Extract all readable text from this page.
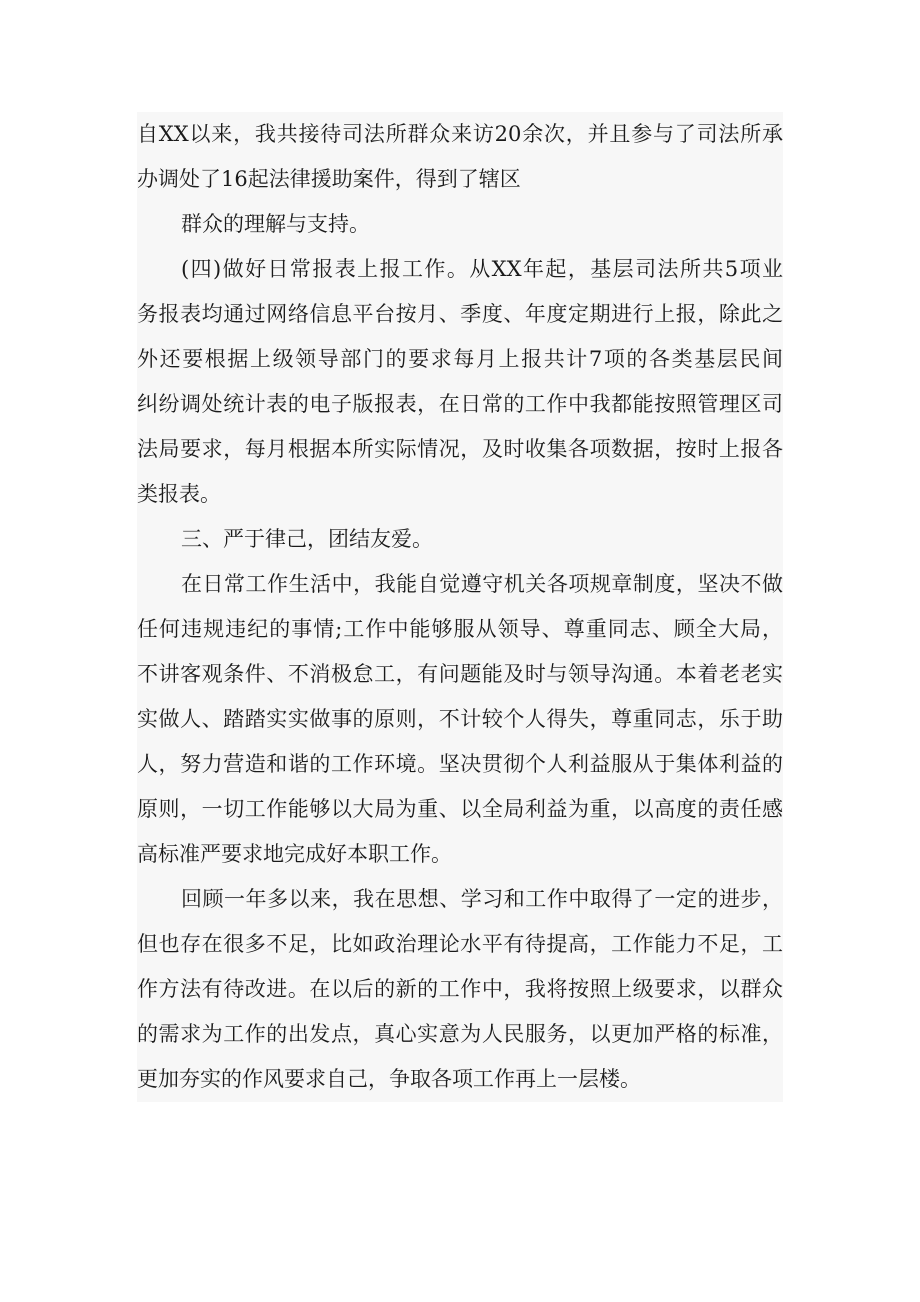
自XX以来，我共接待司法所群众来访20余次，并且参与了司法所承
办调处了16起法律援助案件，得到了辖区
群众的理解与支持。
(四)做好日常报表上报工作。从XX年起，基层司法所共5项业
务报表均通过网络信息平台按月、季度、年度定期进行上报，除此之
外还要根据上级领导部门的要求每月上报共计7项的各类基层民间
纠纷调处统计表的电子版报表，在日常的工作中我都能按照管理区司
法局要求，每月根据本所实际情况，及时收集各项数据，按时上报各
类报表。
三、严于律己，团结友爱。
在日常工作生活中，我能自觉遵守机关各项规章制度，坚决不做
任何违规违纪的事情;工作中能够服从领导、尊重同志、顾全大局，
不讲客观条件、不消极怠工，有问题能及时与领导沟通。本着老老实
实做人、踏踏实实做事的原则，不计较个人得失，尊重同志，乐于助
人，努力营造和谐的工作环境。坚决贯彻个人利益服从于集体利益的
原则，一切工作能够以大局为重、以全局利益为重，以高度的责任感
高标准严要求地完成好本职工作。
回顾一年多以来，我在思想、学习和工作中取得了一定的进步，
但也存在很多不足，比如政治理论水平有待提高，工作能力不足，工
作方法有待改进。在以后的新的工作中，我将按照上级要求，以群众
的需求为工作的出发点，真心实意为人民服务，以更加严格的标准，
更加夯实的作风要求自己，争取各项工作再上一层楼。
